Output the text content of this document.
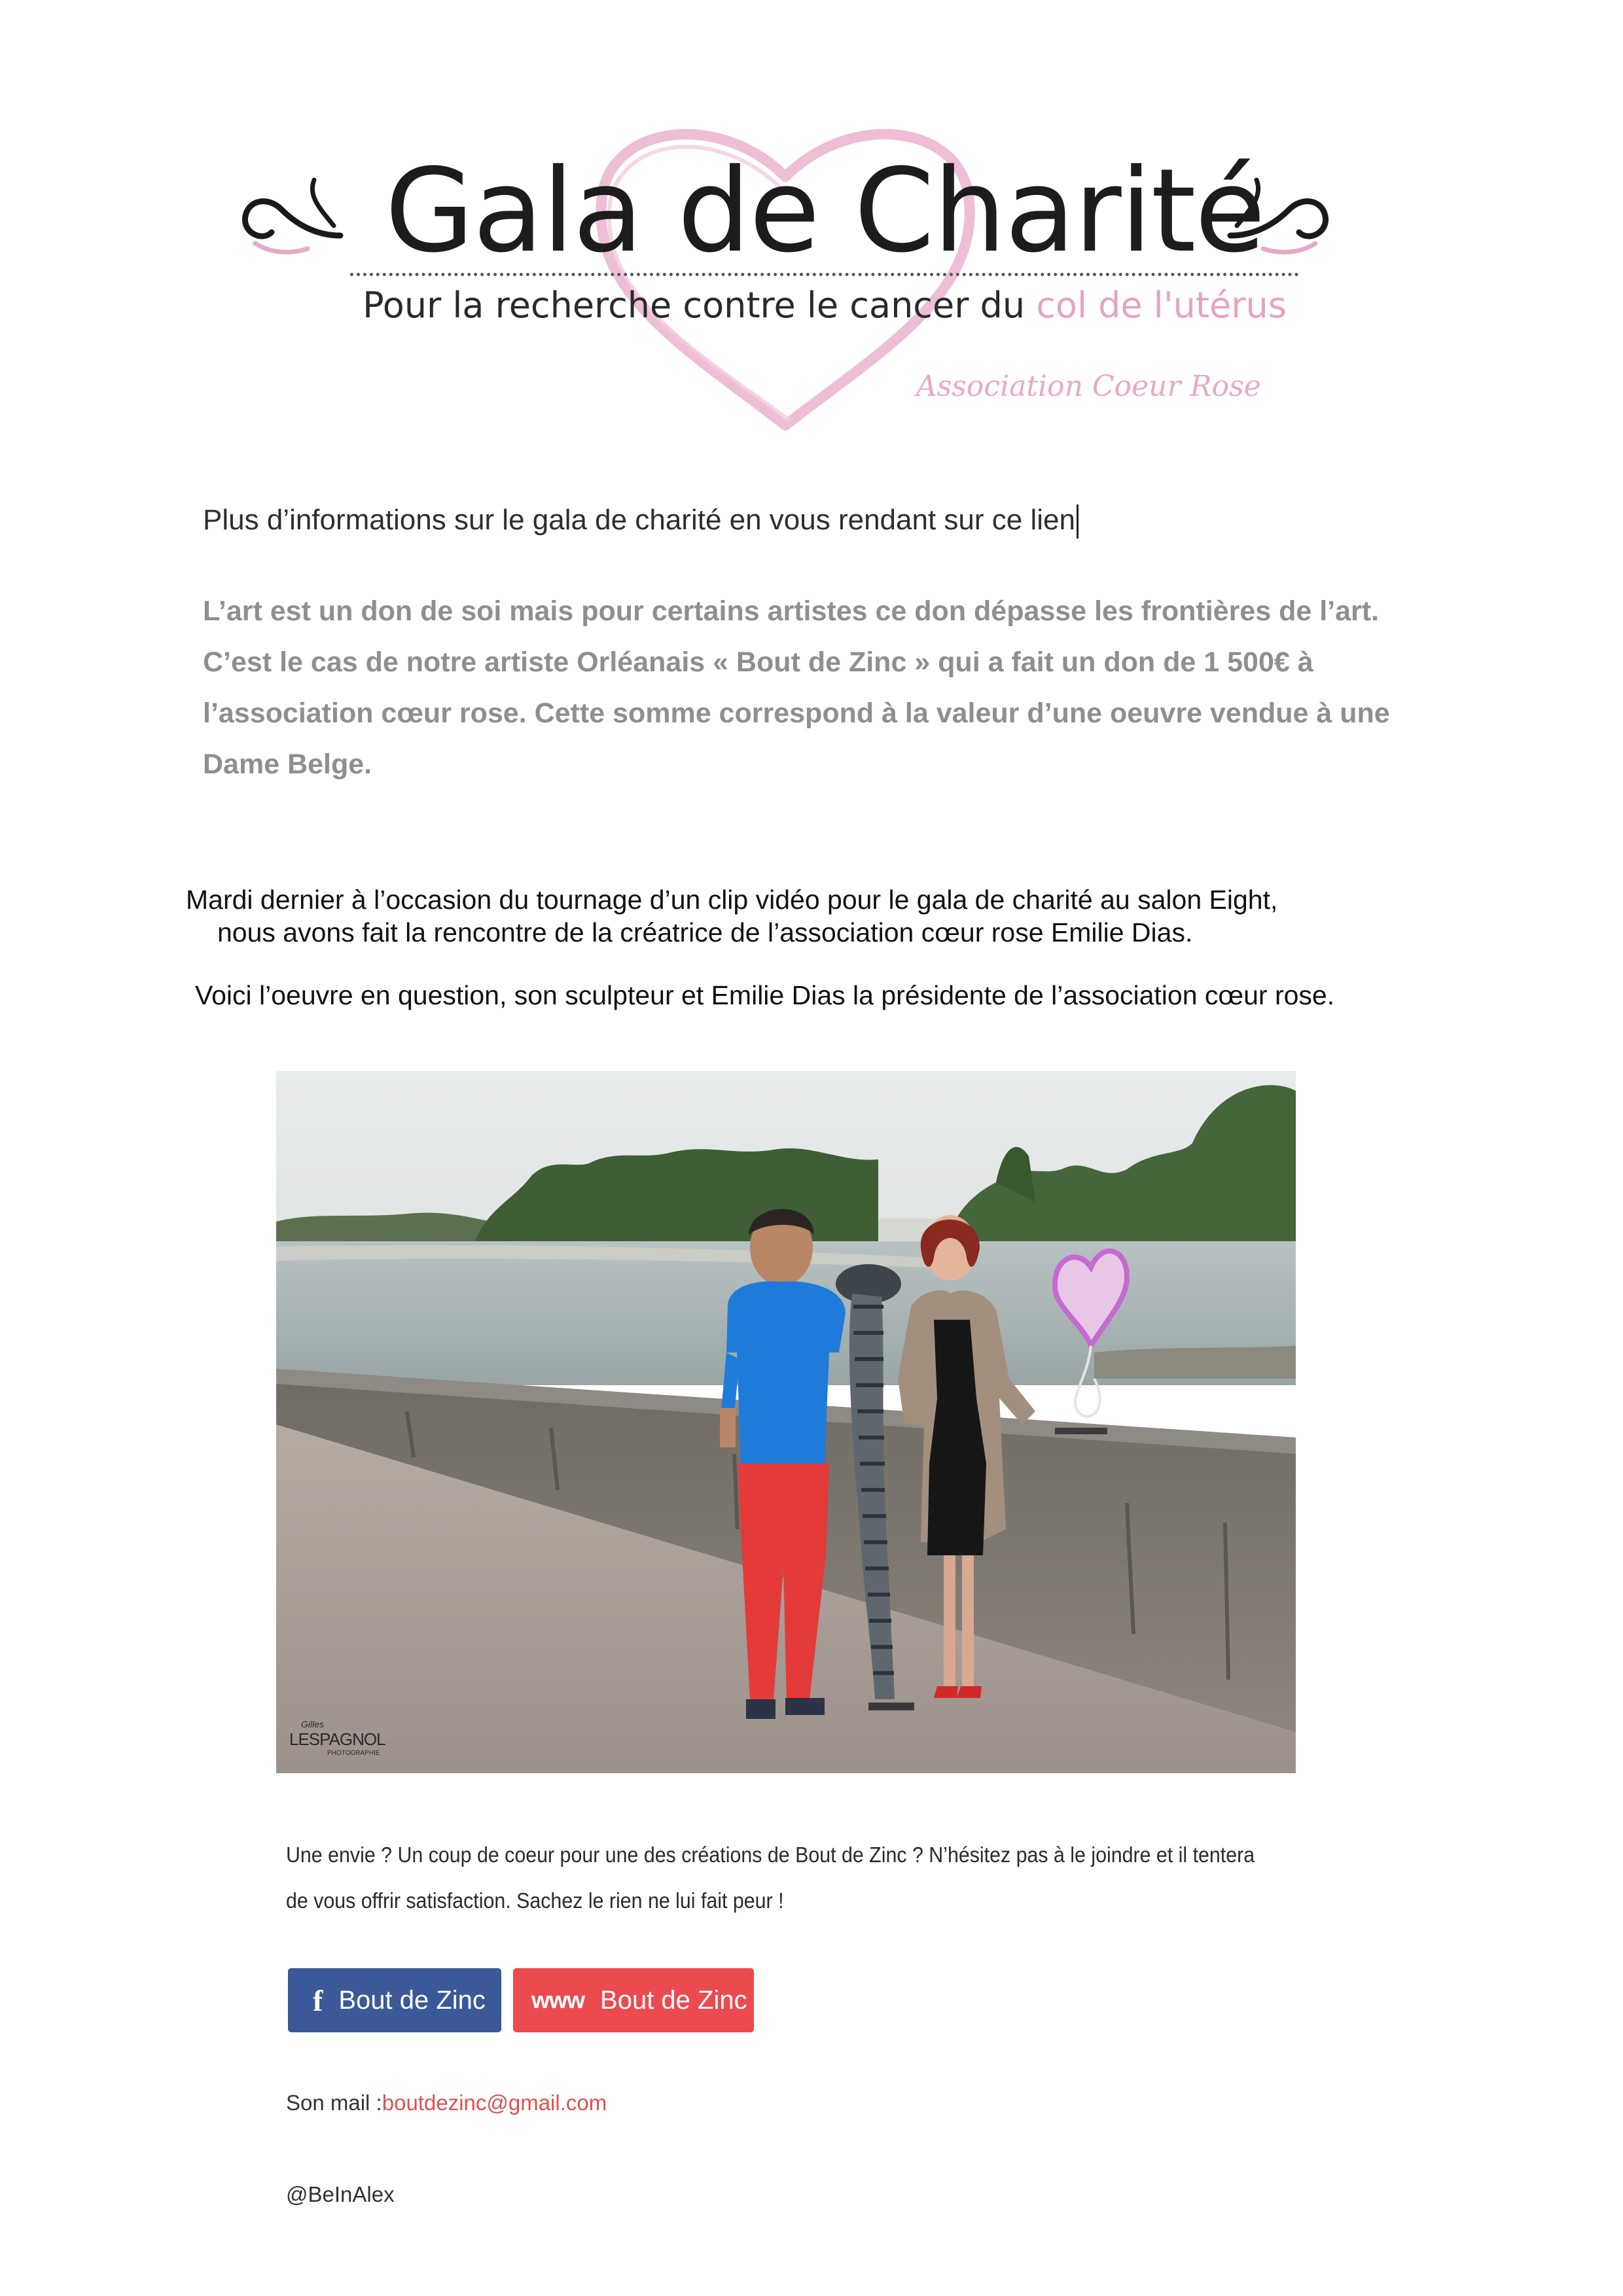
Gala de Charité
Pour la recherche contre le cancer du col de l'utérus
Association Coeur Rose
Plus d’informations sur le gala de charité en vous rendant sur ce lien
L’art est un don de soi mais pour certains artistes ce don dépasse les frontières de l’art.
C’est le cas de notre artiste Orléanais « Bout de Zinc » qui a fait un don de 1 500€ à
l’association cœur rose. Cette somme correspond à la valeur d’une oeuvre vendue à une
Dame Belge.
Mardi dernier à l’occasion du tournage d’un clip vidéo pour le gala de charité au salon Eight,
nous avons fait la rencontre de la créatrice de l’association cœur rose Emilie Dias.
Voici l’oeuvre en question, son sculpteur et Emilie Dias la présidente de l’association cœur rose.
Gilles
LESPAGNOL
PHOTOGRAPHIE
Une envie ? Un coup de coeur pour une des créations de Bout de Zinc ? N’hésitez pas à le joindre et il tentera
de vous offrir satisfaction. Sachez le rien ne lui fait peur !
f Bout de Zinc www Bout de Zinc
Son mail :boutdezinc@gmail.com
@BeInAlex
